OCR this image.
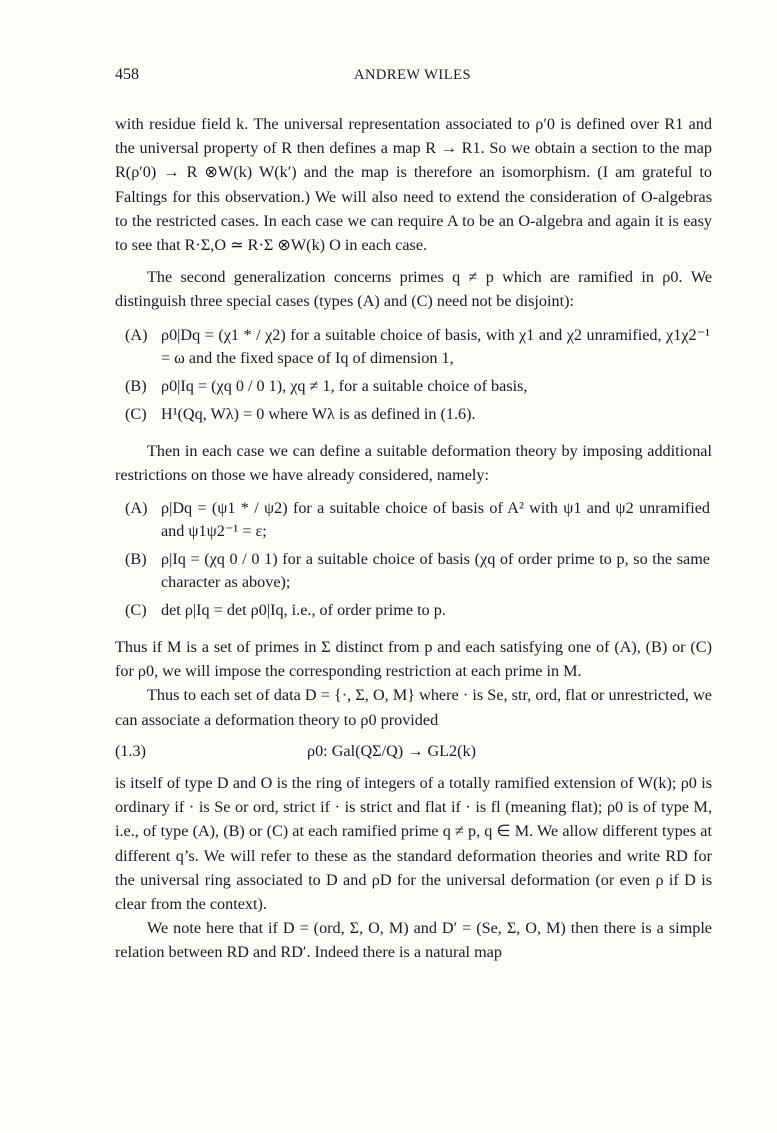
458	ANDREW WILES

with residue field k. The universal representation associated to ρ′0 is defined over R1 and the universal property of R then defines a map R → R1. So we obtain a section to the map R(ρ′0) → R ⊗W(k) W(k′) and the map is therefore an isomorphism. (I am grateful to Faltings for this observation.) We will also need to extend the consideration of O-algebras to the restricted cases. In each case we can require A to be an O-algebra and again it is easy to see that R·Σ,O ≃ R·Σ ⊗W(k) O in each case.

The second generalization concerns primes q ≠ p which are ramified in ρ0. We distinguish three special cases (types (A) and (C) need not be disjoint):

(A) ρ0|Dq = (χ1 * / χ2) for a suitable choice of basis, with χ1 and χ2 unramified, χ1χ2⁻¹ = ω and the fixed space of Iq of dimension 1,
(B) ρ0|Iq = (χq 0 / 0 1), χq ≠ 1, for a suitable choice of basis,
(C) H¹(Qq, Wλ) = 0 where Wλ is as defined in (1.6).

Then in each case we can define a suitable deformation theory by imposing additional restrictions on those we have already considered, namely:

(A) ρ|Dq = (ψ1 * / ψ2) for a suitable choice of basis of A² with ψ1 and ψ2 unramified and ψ1ψ2⁻¹ = ε;
(B) ρ|Iq = (χq 0 / 0 1) for a suitable choice of basis (χq of order prime to p, so the same character as above);
(C) det ρ|Iq = det ρ0|Iq, i.e., of order prime to p.

Thus if M is a set of primes in Σ distinct from p and each satisfying one of (A), (B) or (C) for ρ0, we will impose the corresponding restriction at each prime in M.

Thus to each set of data D = {·, Σ, O, M} where · is Se, str, ord, flat or unrestricted, we can associate a deformation theory to ρ0 provided

(1.3)	ρ0: Gal(QΣ/Q) → GL2(k)

is itself of type D and O is the ring of integers of a totally ramified extension of W(k); ρ0 is ordinary if · is Se or ord, strict if · is strict and flat if · is fl (meaning flat); ρ0 is of type M, i.e., of type (A), (B) or (C) at each ramified prime q ≠ p, q ∈ M. We allow different types at different q’s. We will refer to these as the standard deformation theories and write RD for the universal ring associated to D and ρD for the universal deformation (or even ρ if D is clear from the context).

We note here that if D = (ord, Σ, O, M) and D′ = (Se, Σ, O, M) then there is a simple relation between RD and RD′. Indeed there is a natural map
